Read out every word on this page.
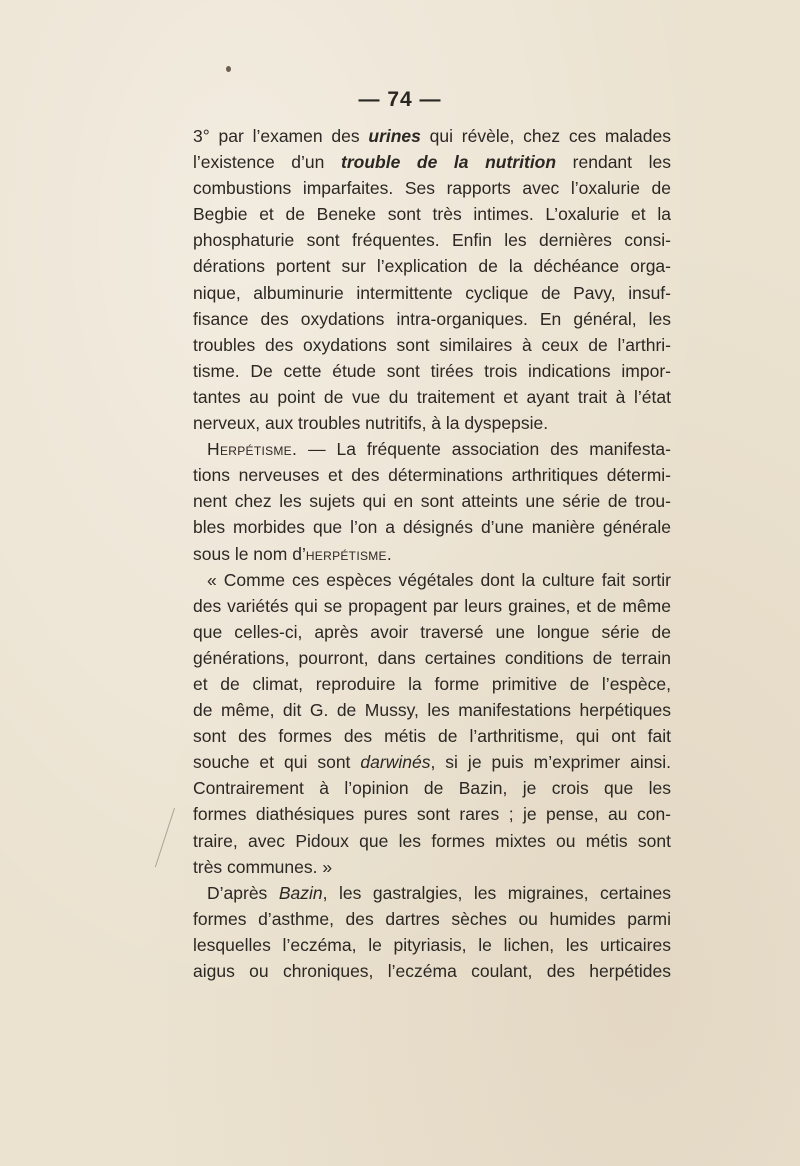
— 74 —
3° par l’examen des urines qui révèle, chez ces malades
l’existence d’un trouble de la nutrition rendant les
combustions imparfaites. Ses rapports avec l’oxalurie de
Begbie et de Beneke sont très intimes. L’oxalurie et la
phosphaturie sont fréquentes. Enfin les dernières consi-
dérations portent sur l’explication de la déchéance orga-
nique, albuminurie intermittente cyclique de Pavy, insuf-
fisance des oxydations intra-organiques. En général, les
troubles des oxydations sont similaires à ceux de l’arthri-
tisme. De cette étude sont tirées trois indications impor-
tantes au point de vue du traitement et ayant trait à l’état
nerveux, aux troubles nutritifs, à la dyspepsie.
Herpétisme. — La fréquente association des manifesta-
tions nerveuses et des déterminations arthritiques détermi-
nent chez les sujets qui en sont atteints une série de trou-
bles morbides que l’on a désignés d’une manière générale
sous le nom d’herpétisme.
« Comme ces espèces végétales dont la culture fait sortir
des variétés qui se propagent par leurs graines, et de même
que celles-ci, après avoir traversé une longue série de
générations, pourront, dans certaines conditions de terrain
et de climat, reproduire la forme primitive de l’espèce,
de même, dit G. de Mussy, les manifestations herpétiques
sont des formes des métis de l’arthritisme, qui ont fait
souche et qui sont darwinés, si je puis m’exprimer ainsi.
Contrairement à l’opinion de Bazin, je crois que les
formes diathésiques pures sont rares ; je pense, au con-
traire, avec Pidoux que les formes mixtes ou métis sont
très communes. »
D’après Bazin, les gastralgies, les migraines, certaines
formes d’asthme, des dartres sèches ou humides parmi
lesquelles l’eczéma, le pityriasis, le lichen, les urticaires
aigus ou chroniques, l’eczéma coulant, des herpétides
